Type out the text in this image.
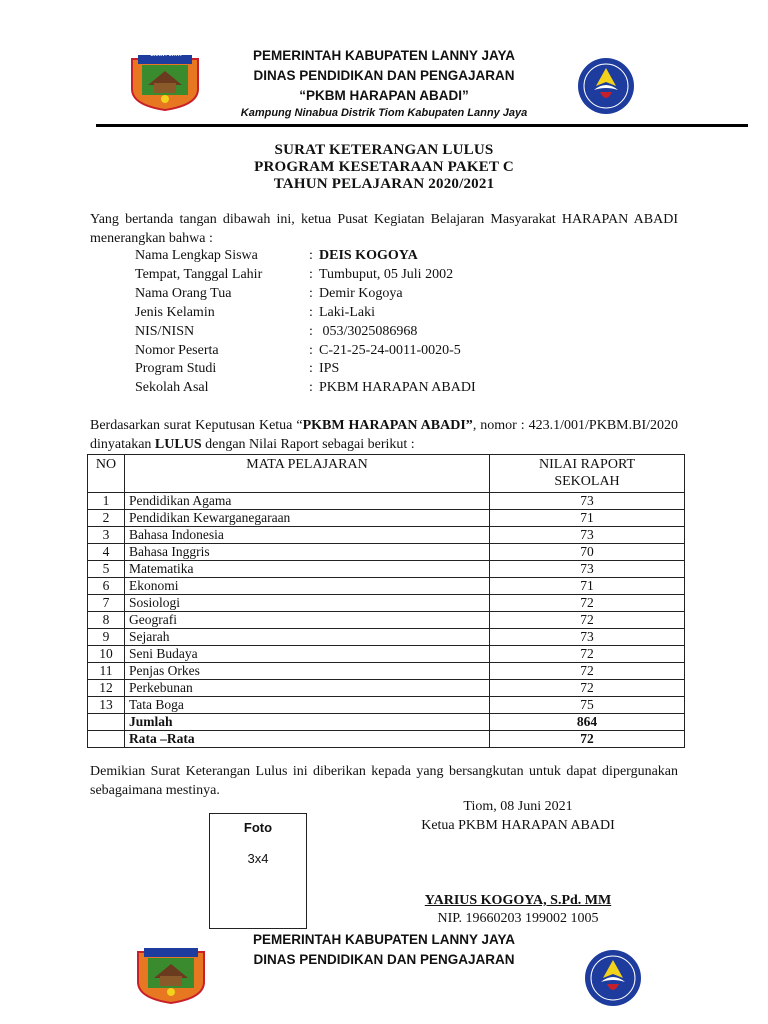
LANNY JAYA	PEMERINTAH KABUPATEN LANNY JAYA
DINAS PENDIDIKAN DAN PENGAJARAN
“PKBM HARAPAN ABADI”
Kampung Ninabua Distrik Tiom Kabupaten Lanny Jaya
SURAT KETERANGAN LULUS
PROGRAM KESETARAAN PAKET C
TAHUN PELAJARAN 2020/2021
Yang bertanda tangan dibawah ini, ketua Pusat Kegiatan Belajaran Masyarakat HARAPAN ABADI menerangkan bahwa :
Nama Lengkap Siswa	: DEIS KOGOYA
Tempat, Tanggal Lahir	: Tumbuput, 05 Juli 2002
Nama Orang Tua	: Demir Kogoya
Jenis Kelamin	: Laki-Laki
NIS/NISN	: 053/3025086968
Nomor Peserta	: C-21-25-24-0011-0020-5
Program Studi	: IPS
Sekolah Asal	: PKBM HARAPAN ABADI
Berdasarkan surat Keputusan Ketua “PKBM HARAPAN ABADI”, nomor : 423.1/001/PKBM.BI/2020 dinyatakan LULUS dengan Nilai Raport sebagai berikut :
NO	MATA PELAJARAN	NILAI RAPORT
SEKOLAH
1	Pendidikan Agama	73
2	Pendidikan Kewarganegaraan	71
3	Bahasa Indonesia	73
4	Bahasa Inggris	70
5	Matematika	73
6	Ekonomi	71
7	Sosiologi	72
8	Geografi	72
9	Sejarah	73
10	Seni Budaya	72
11	Penjas Orkes	72
12	Perkebunan	72
13	Tata Boga	75
	Jumlah	864
	Rata –Rata	72
Demikian Surat Keterangan Lulus ini diberikan kepada yang bersangkutan untuk dapat dipergunakan sebagaimana mestinya.
Tiom, 08 Juni 2021
Ketua PKBM HARAPAN ABADI
YARIUS KOGOYA, S.Pd. MM
NIP. 19660203 199002 1005
Foto
3x4
PEMERINTAH KABUPATEN LANNY JAYA
DINAS PENDIDIKAN DAN PENGAJARAN
